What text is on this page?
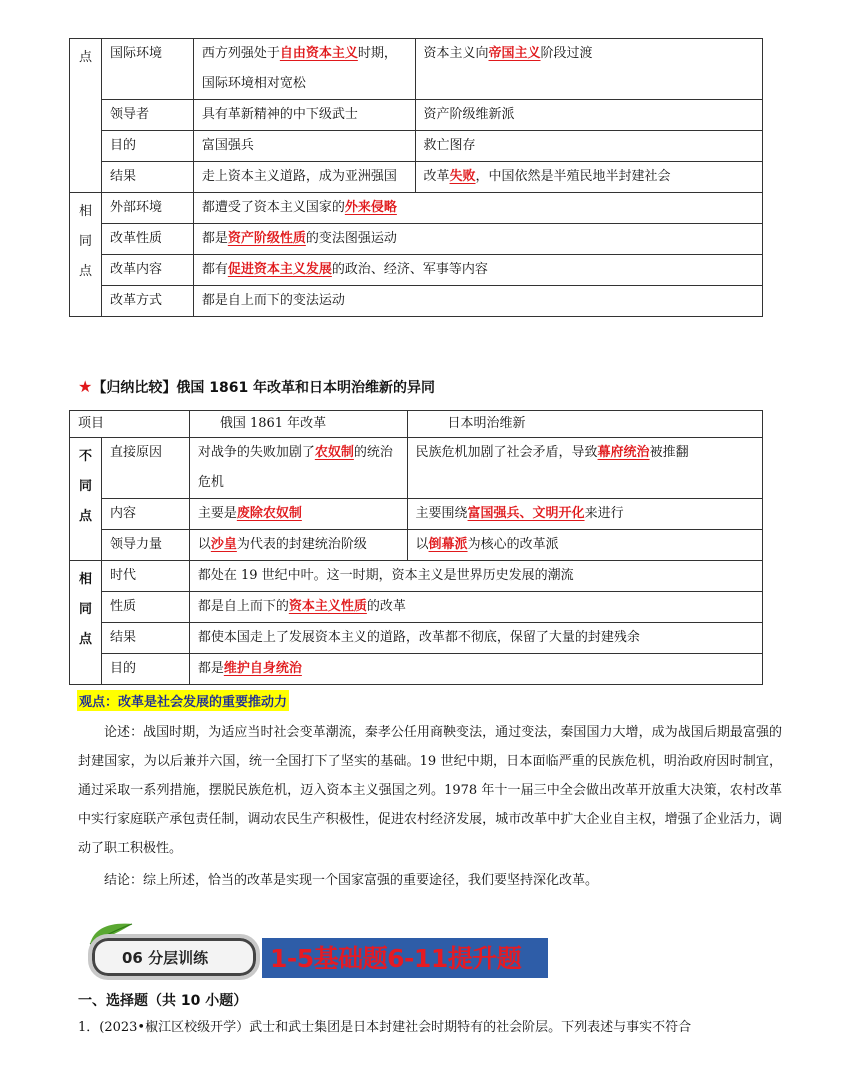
点	国际环境	西方列强处于自由资本主义时期，国际环境相对宽松	资本主义向帝国主义阶段过渡
	领导者	具有革新精神的中下级武士	资产阶级维新派
	目的	富国强兵	救亡图存
	结果	走上资本主义道路，成为亚洲强国	改革失败，中国依然是半殖民地半封建社会

相
同
点	外部环境	都遭受了资本主义国家的外来侵略	
	改革性质	都是资产阶级性质的变法图强运动	
	改革内容	都有促进资本主义发展的政治、经济、军事等内容	
	改革方式	都是自上而下的变法运动	
★【归纳比较】俄国 1861 年改革和日本明治维新的异同
项目		俄国 1861 年改革	日本明治维新

不
同
点	直接原因	对战争的失败加剧了农奴制的统治危机	民族危机加剧了社会矛盾，导致幕府统治被推翻
	内容	主要是废除农奴制	主要围绕富国强兵、文明开化来进行
	领导力量	以沙皇为代表的封建统治阶级	以倒幕派为核心的改革派

相
同
点	时代	都处在 19 世纪中叶。这一时期，资本主义是世界历史发展的潮流	
	性质	都是自上而下的资本主义性质的改革	
	结果	都使本国走上了发展资本主义的道路，改革都不彻底，保留了大量的封建残余	
	目的	都是维护自身统治	
观点：改革是社会发展的重要推动力

论述：战国时期，为适应当时社会变革潮流，秦孝公任用商鞅变法，通过变法，秦国国力大增，成为战国后期最富强的封建国家，为以后兼并六国，统一全国打下了坚实的基础。19 世纪中期，日本面临严重的民族危机，明治政府因时制宜，通过采取一系列措施，摆脱民族危机，迈入资本主义强国之列。1978 年十一届三中全会做出改革开放重大决策，农村改革中实行家庭联产承包责任制，调动农民生产积极性，促进农村经济发展，城市改革中扩大企业自主权，增强了企业活力，调动了职工积极性。

结论：综上所述，恰当的改革是实现一个国家富强的重要途径，我们要坚持深化改革。

06 分层训练 1-5基础题6-11提升题
一、选择题（共 10 小题）
1．(2023•椒江区校级开学）武士和武士集团是日本封建社会时期特有的社会阶层。下列表述与事实不符合
